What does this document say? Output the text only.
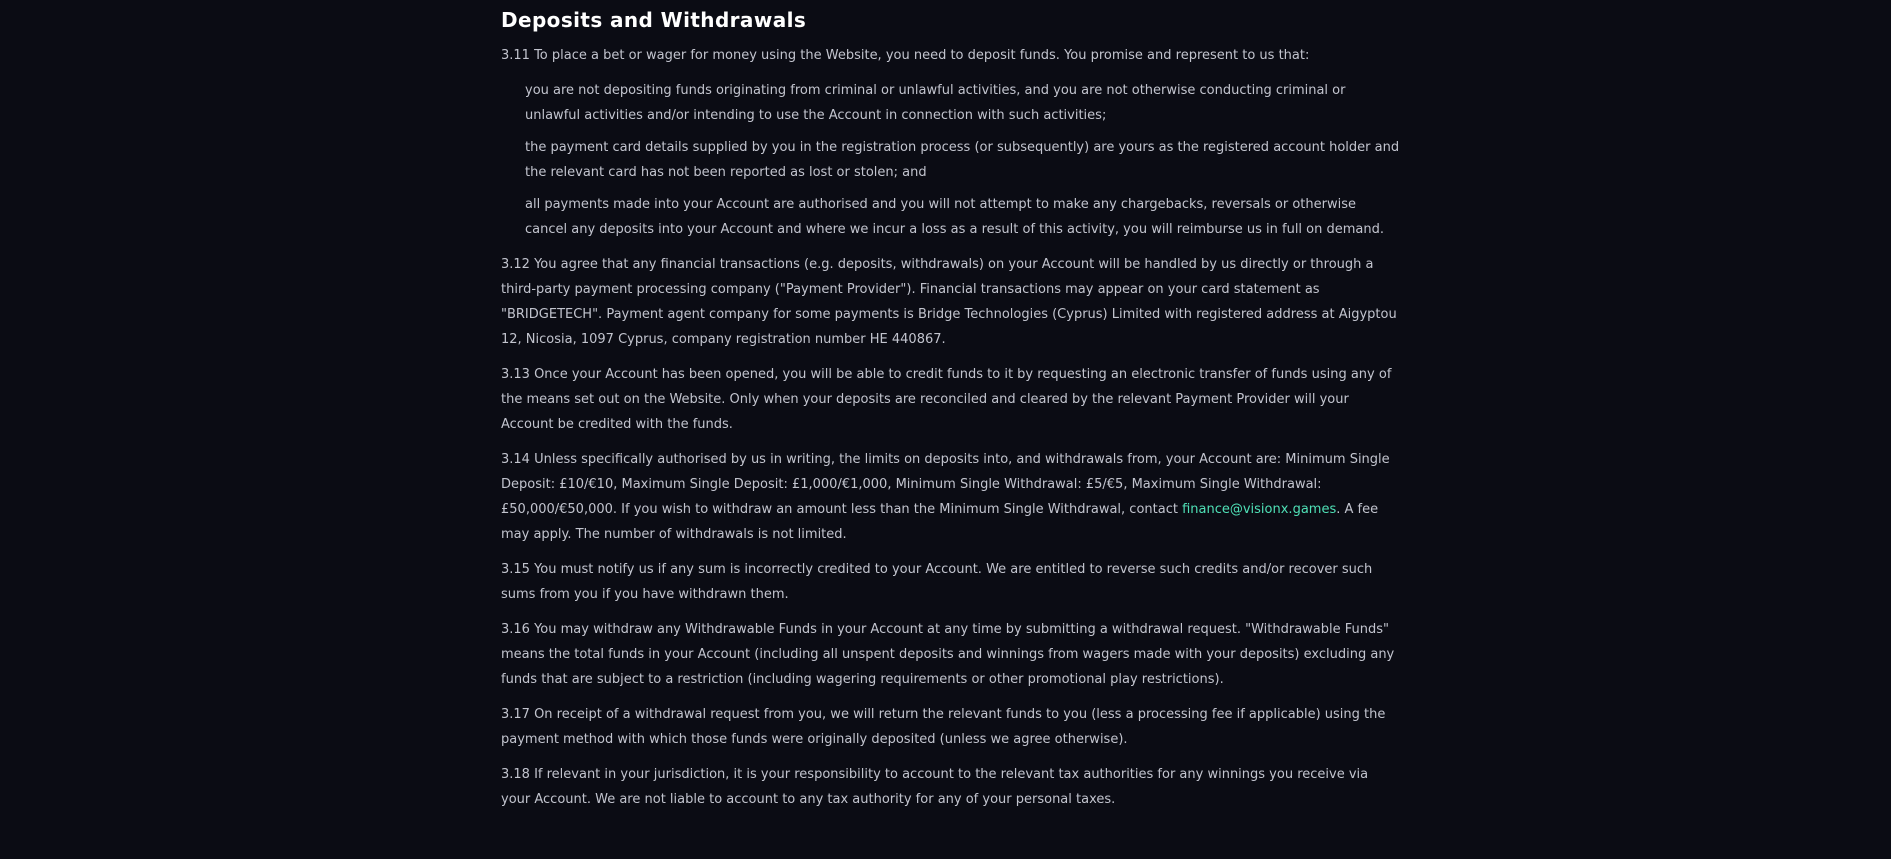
Deposits and Withdrawals

3.11 To place a bet or wager for money using the Website, you need to deposit funds. You promise and represent to us that:

you are not depositing funds originating from criminal or unlawful activities, and you are not otherwise conducting criminal or unlawful activities and/or intending to use the Account in connection with such activities;
the payment card details supplied by you in the registration process (or subsequently) are yours as the registered account holder and the relevant card has not been reported as lost or stolen; and
all payments made into your Account are authorised and you will not attempt to make any chargebacks, reversals or otherwise cancel any deposits into your Account and where we incur a loss as a result of this activity, you will reimburse us in full on demand.

3.12 You agree that any financial transactions (e.g. deposits, withdrawals) on your Account will be handled by us directly or through a third-party payment processing company ("Payment Provider"). Financial transactions may appear on your card statement as "BRIDGETECH". Payment agent company for some payments is Bridge Technologies (Cyprus) Limited with registered address at Aigyptou 12, Nicosia, 1097 Cyprus, company registration number HE 440867.

3.13 Once your Account has been opened, you will be able to credit funds to it by requesting an electronic transfer of funds using any of the means set out on the Website. Only when your deposits are reconciled and cleared by the relevant Payment Provider will your Account be credited with the funds.

3.14 Unless specifically authorised by us in writing, the limits on deposits into, and withdrawals from, your Account are: Minimum Single Deposit: £10/€10, Maximum Single Deposit: £1,000/€1,000, Minimum Single Withdrawal: £5/€5, Maximum Single Withdrawal: £50,000/€50,000. If you wish to withdraw an amount less than the Minimum Single Withdrawal, contact finance@visionx.games. A fee may apply. The number of withdrawals is not limited.

3.15 You must notify us if any sum is incorrectly credited to your Account. We are entitled to reverse such credits and/or recover such sums from you if you have withdrawn them.

3.16 You may withdraw any Withdrawable Funds in your Account at any time by submitting a withdrawal request. "Withdrawable Funds" means the total funds in your Account (including all unspent deposits and winnings from wagers made with your deposits) excluding any funds that are subject to a restriction (including wagering requirements or other promotional play restrictions).

3.17 On receipt of a withdrawal request from you, we will return the relevant funds to you (less a processing fee if applicable) using the payment method with which those funds were originally deposited (unless we agree otherwise).

3.18 If relevant in your jurisdiction, it is your responsibility to account to the relevant tax authorities for any winnings you receive via your Account. We are not liable to account to any tax authority for any of your personal taxes.
